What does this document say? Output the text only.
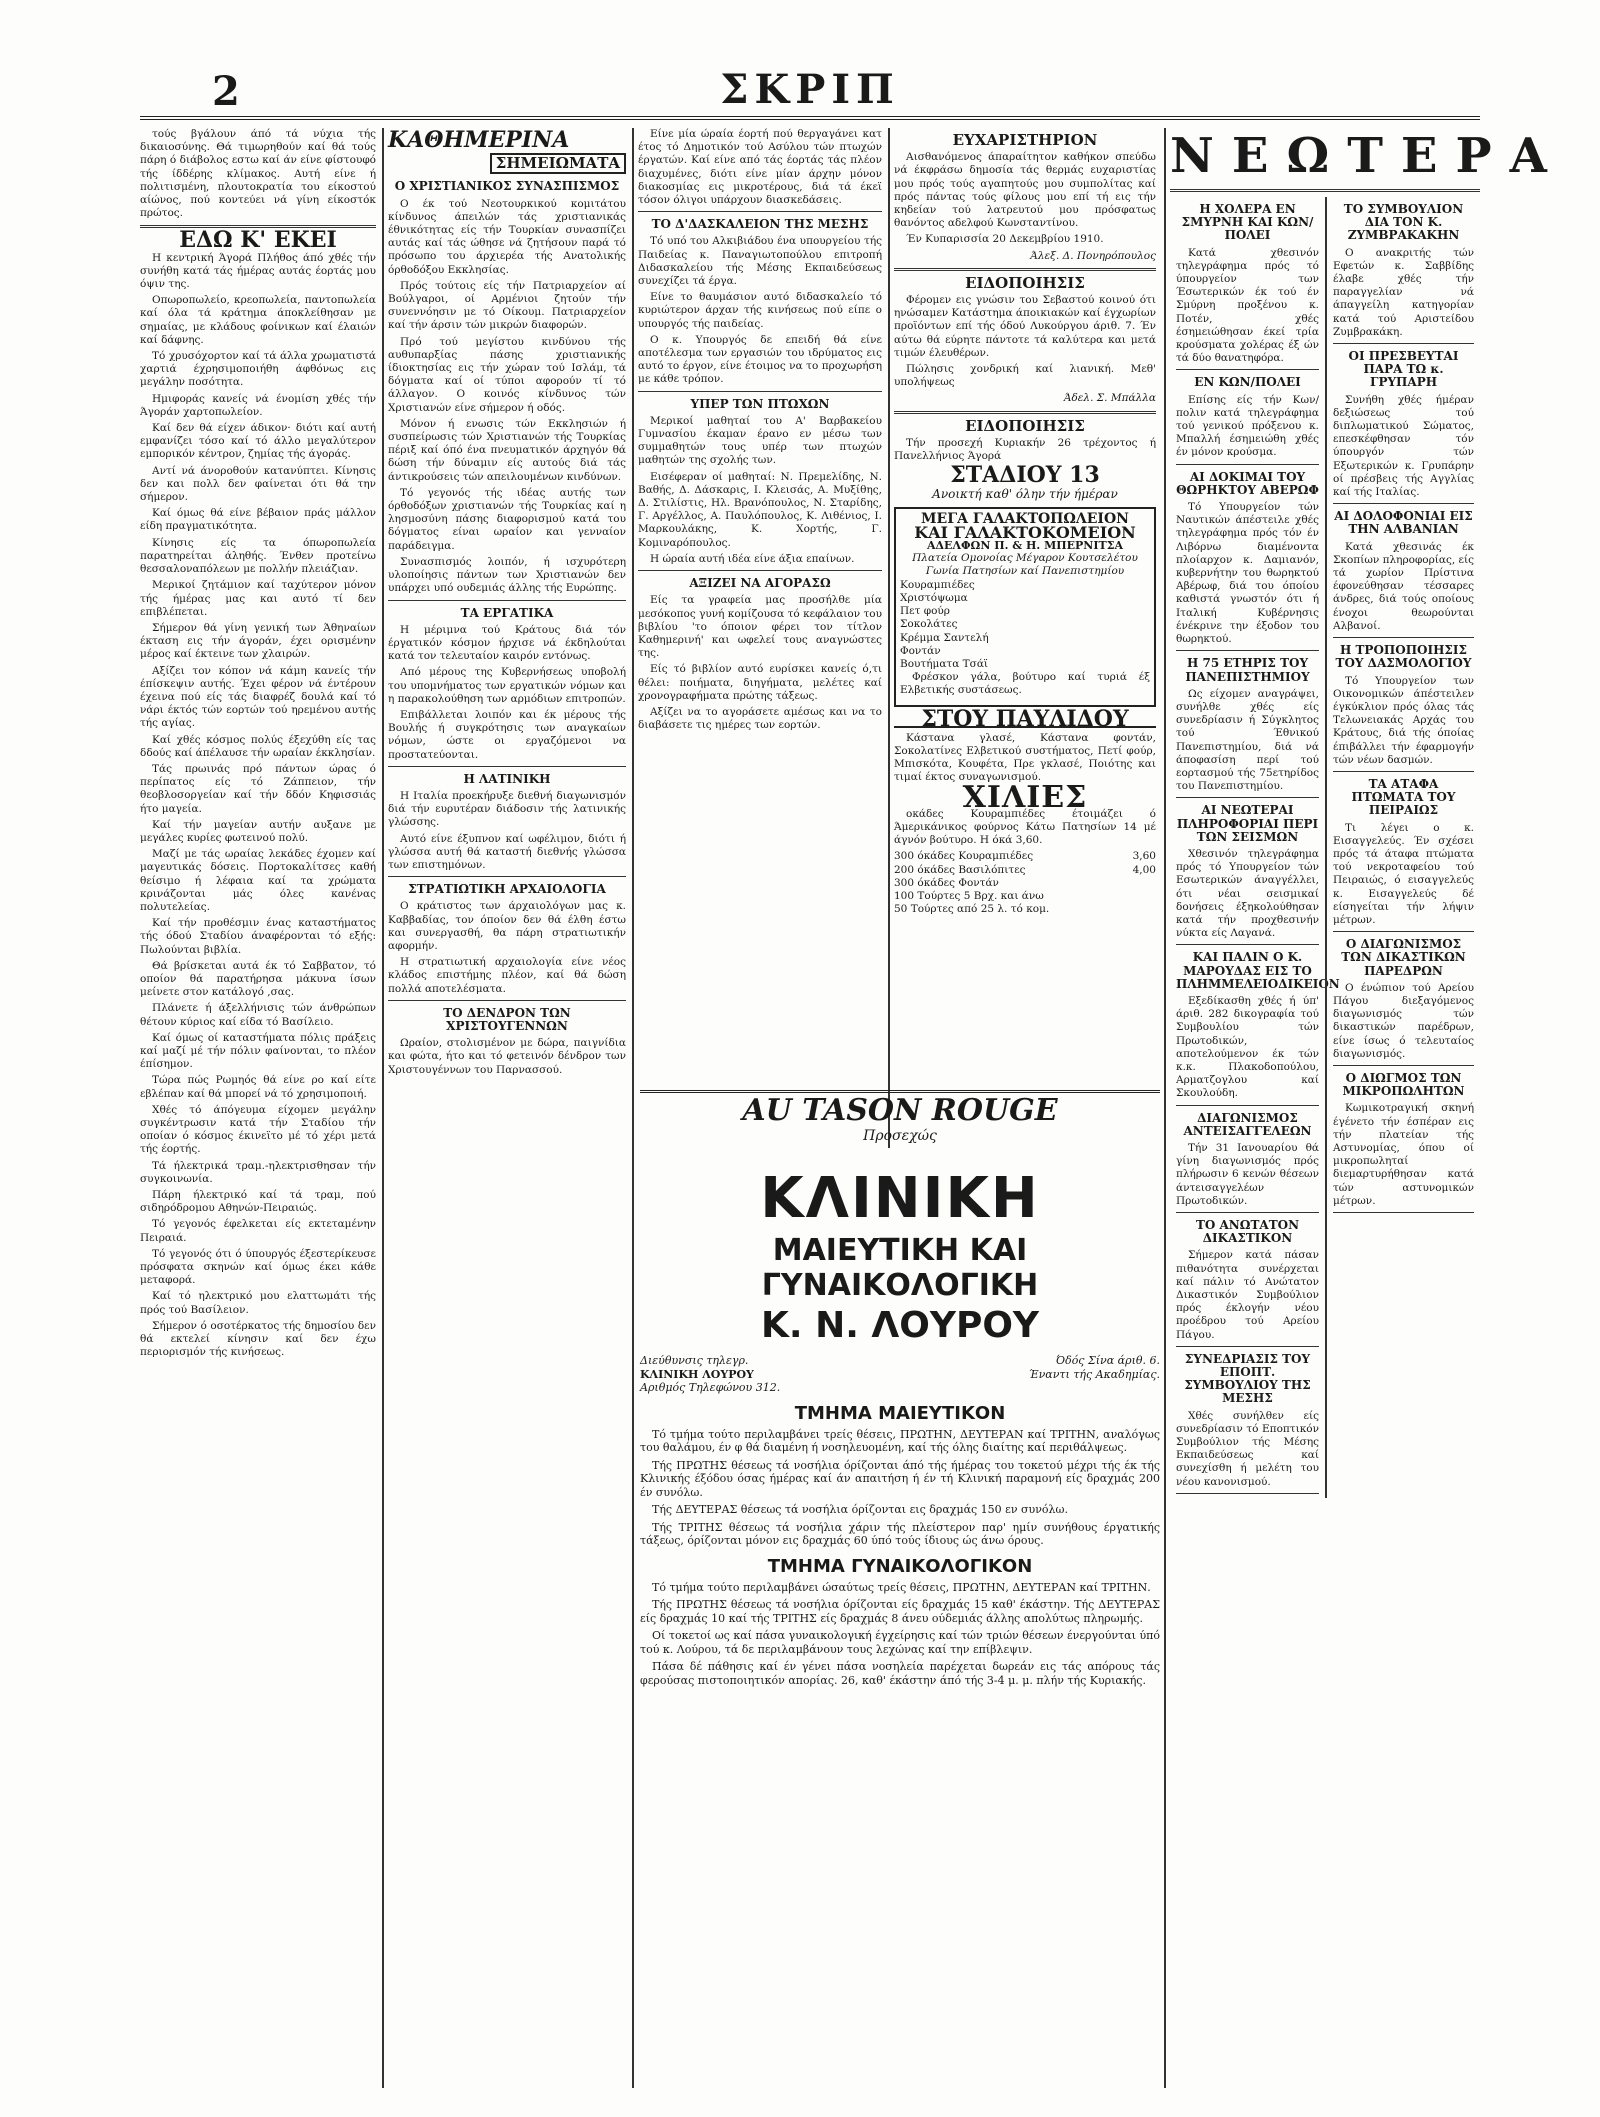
2	ΣΚΡΙΠ

τούς βγάλουν άπό τά νύχια τής δικαιοσύνης. Θά τιμωρηθούν καί θά τούς πάρη ό διάβολος εστω καί άν είνε φίστουφό τής ίδδέρης κλίμακος. Αυτή είνε ή πολιτισμένη, πλουτοκρατία του είκοστού αίώνος, πού κοντεύει νά γίνη είκοστόκ πρώτος.

ΕΔΩ Κ' ΕΚΕΙ

Η κεντρική Άγορά Πλήθος άπό χθές τήν συνήθη κατά τάς ήμέρας αυτάς έορτάς μου όψιν της.

Οπωροπωλείο, κρεοπωλεία, παντοπωλεία καί όλα τά κράτημα άποκλείθησαν με σημαίας, με κλάδους φοίνικων καί έλαιών καί δάφνης.

Τό χρυσόχορτον καί τά άλλα χρωματιστά χαρτιά έχρησιμοποιήθη άφθόνως εις μεγάλην ποσότητα.

Ημιφοράς κανείς νά ένομίση χθές τήν Άγοράν χαρτοπωλείον.

Καί δεν θά είχεν άδικον· διότι καί αυτή εμφανίζει τόσο καί τό άλλο μεγαλύτερον εμπορικόν κέντρον, ζημίας τής άγοράς.

Αντί νά άνοροθούν κατανύπτει. Κίνησις δεν και πολλ δεν φαίνεται ότι θά την σήμερον.

Καί όμως θά είνε βέβαιον πράς μάλλον είδη πραγματικότητα.

Κίνησις είς τα όπωροπωλεία παρατηρείται άληθής. Ένθεν προτείνω θεσσαλοναπόλεων με πολλήν πλειάζιαν.

Μερικοί ζητάμιον καί ταχύτερον μόνον τής ήμέρας μας και αυτό τί δεν επιβλέπεται.

Σήμερον θά γίνη γενική των Άθηναίων έκταση εις τήν άγοράν, έχει ορισμένην μέρος καί έκτεινε των χλαιρών.

Αξίζει τον κόπον νά κάμη κανείς τήν έπίσκεψιν αυτής. Έχει φέρον νά έντέρουν έχεινα πού είς τάς διαφρέζ δουλά καί τό νάρι έκτός τών εορτών τού ηρεμένου αυτής τής αγίας.

Καί χθές κόσμος πολύς έξεχύθη είς τας δδούς καί άπέλαυσε τήν ωραίαν έκκλησίαν.

Τάς πρωινάς πρό πάντων ώρας ό περίπατος είς τό Ζάππειον, τήν θεοβλοσοργείαν καί τήν δδόν Κηφισσιάς ήτο μαγεία.

Καί τήν μαγείαν αυτήν αυξανε με μεγάλες κυρίες φωτεινού πολύ.

Μαζί με τάς ωραίας λεκάδες έχομεν καί μαγευτικάς δόσεις. Πορτοκαλίτσες καθή θείσιμο ή λέφαια καί τα χρώματα κρινάζονται μάς όλες κανένας πολυτελείας.

Καί τήν προθέσμιν ένας καταστήματος τής όδού Σταδίου άναφέρονται τό εξής: Πωλούνται βιβλία.

Θά βρίσκεται αυτά έκ τό Σαββατον, τό οποίον θά παρατήρησα μάκυνα ίσων μείνετε στον κατάλογό ,σας.

Πλάνετε ή άξελλήνισις τών άνθρώπων θέτουν κύριος καί είδα τό Βασίλειο.

Καί όμως οί καταστήματα πόλις πράξεις καί μαζί μέ τήν πόλιν φαίνονται, το πλέον έπίσημον.

Τώρα πώς Ρωμηός θά είνε ρο καί είτε εβλέπαν καί θά μπορεί νά τό χρησιμοποιή.

Χθές τό άπόγευμα είχομεν μεγάλην συγκέντρωσιν κατά τήν Σταδίου τήν οποίαν ό κόσμος έκινεϊτο μέ τό χέρι μετά τής έορτής.

Τά ήλεκτρικά τραμ.-ηλεκτρισθησαν τήν συγκοινωνία.

Πάρη ήλεκτρικό καί τά τραμ, πού σιδηρόδρομου Αθηνών-Πειραιώς.

Τό γεγονός έφελκεται είς εκτεταμένην Πειραιά.

Τό γεγονός ότι ό ύπουργός έξεστερίκευσε πρόσφατα σκηνών καί όμως έκει κάθε μεταφορά.

Καί τό ηλεκτρικό μου ελαττωμάτι τής πρός τού Βασίλειον.

Σήμερον ό οσοτέρκατος τής δημοσίου δεν θά εκτελεί κίνησιν καί δεν έχω περιορισμόν τής κινήσεως.

ΚΑΘΗΜΕΡΙΝΑ
ΣΗΜΕΙΩΜΑΤΑ
Ο ΧΡΙΣΤΙΑΝΙΚΟΣ ΣΥΝΑΣΠΙΣΜΟΣ

Ο έκ τού Νεοτουρκικού κομιτάτου κίνδυνος άπειλών τάς χριστιανικάς έθνικότητας είς τήν Τουρκίαν συνασπίζει αυτάς καί τάς ώθησε νά ζητήσουν παρά τό πρόσωπο του άρχιερέα τής Ανατολικής όρθοδόξου Εκκλησίας.

Πρός τούτοις είς τήν Πατριαρχείον αί Βούλγαροι, οί Αρμένιοι ζητούν τήν συνεννόησιν με τό Οίκουμ. Πατριαρχείον καί τήν άρσιν τών μικρών διαφορών.

Πρό τού μεγίστου κινδύνου τής αυθυπαρξίας πάσης χριστιανικής ίδιοκτησίας εις τήν χώραν τού Ισλάμ, τά δόγματα καί οί τύποι αφορούν τί τό άλλαγον. Ο κοινός κίνδυνος τών Χριστιανών είνε σήμερον ή οδός.

Μόνον ή ενωσις τών Εκκλησιών ή συσπείρωσις τών Χριστιανών τής Τουρκίας πέριξ καί όπό ένα πνευματικόν άρχηγόν θά δώση τήν δύναμιν είς αυτούς διά τάς άντικρούσεις τών απειλουμένων κινδύνων.

Τό γεγονός τής ιδέας αυτής των όρθοδόξων χριστιανών τής Τουρκίας καί η λησμοσύνη πάσης διαφορισμού κατά του δόγματος είναι ωραίον και γενναίον παράδειγμα.

Συνασπισμός λοιπόν, ή ισχυρότερη υλοποίησις πάντων των Χριστιανών δεν υπάρχει υπό ουδεμιάς άλλης τής Ευρώπης.

ΤΑ ΕΡΓΑΤΙΚΑ

Η μέριμνα τού Κράτους διά τόν έργατικόν κόσμον ήρχισε νά έκδηλούται κατά τον τελευταίον καιρόν εντόνως.

Από μέρους της Κυβερνήσεως υποβολή του υπομνήματος των εργατικών νόμων και η παρακολούθηση των αρμόδιων επιτροπών.

Επιβάλλεται λοιπόν και έκ μέρους τής Βουλής ή συγκρότησις των αναγκαίων νόμων, ώστε οι εργαζόμενοι να προστατεύονται.

Η ΛΑΤΙΝΙΚΗ

Η Ιταλία προεκήρυξε διεθνή διαγωνισμόν διά τήν ευρυτέραν διάδοσιν τής λατινικής γλώσσης.

Αυτό είνε έξυπνον καί ωφέλιμον, διότι ή γλώσσα αυτή θά καταστή διεθνής γλώσσα των επιστημόνων.

ΣΤΡΑΤΙΩΤΙΚΗ ΑΡΧΑΙΟΛΟΓΙΑ

Ο κράτιστος των άρχαιολόγων μας κ. Καββαδίας, τον όποίον δεν θά έλθη έστω και συνεργασθή, θα πάρη στρατιωτικήν αφορμήν.

Η στρατιωτική αρχαιολογία είνε νέος κλάδος επιστήμης πλέον, καί θά δώση πολλά αποτελέσματα.

ΤΟ ΔΕΝΔΡΟΝ ΤΩΝ ΧΡΙΣΤΟΥΓΕΝΝΩΝ

Ωραίον, στολισμένον με δώρα, παιγνίδια και φώτα, ήτο και τό φετεινόν δένδρον των Χριστουγέννων του Παρνασσού.

Είνε μία ώραία έορτή πού θεργαγάνει κατ έτος τό Δημοτικόν τού Ασύλου τών πτωχών έργατών. Καί είνε από τάς έορτάς τάς πλέον διαχυμένες, διότι είνε μίαν άρχην μόνον διακοσμίας εις μικροτέρους, διά τά έκεϊ τόσον όλιγοι υπάρχουν διασκεδάσεις.

ΤΟ Δ'ΔΑΣΚΑΛΕΙΟΝ ΤΗΣ ΜΕΣΗΣ

Τό υπό του Αλκιβιάδου ένα υπουργείου τής Παιδείας κ. Παναγιωτοπούλου επιτροπή Διδασκαλείου τής Μέσης Εκπαιδεύσεως συνεχίζει τά έργα.

Είνε το θαυμάσιον αυτό διδασκαλείο τό κυριώτερον άρχαν τής κινήσεως πού είπε ο υπουργός τής παιδείας.

Ο κ. Υπουργός δε επειδή θά είνε αποτέλεσμα των εργασιών του ιδρύματος εις αυτό το έργον, είνε έτοιμος να το προχωρήση με κάθε τρόπον.

ΥΠΕΡ ΤΩΝ ΠΤΩΧΩΝ

Μερικοί μαθηταί του Α' Βαρβακείου Γυμνασίου έκαμαν έρανο εν μέσω των συμμαθητών τους υπέρ των πτωχών μαθητών της σχολής των.

Εισέφεραν οί μαθηταί: Ν. Πρεμελίδης, Ν. Βαθής, Δ. Δάσκαρις, Ι. Κλεισάς, Α. Μυξίθης, Δ. Στιλίστις, Ηλ. Βρανόπουλος, Ν. Σταρίδης, Γ. Αργέλλος, Α. Παυλόπουλος, Κ. Λιθένιος, Ι. Μαρκουλάκης, Κ. Χορτής, Γ. Κομιναρόπουλος.

Η ώραία αυτή ιδέα είνε άξια επαίνων.

ΑΞΙΖΕΙ ΝΑ ΑΓΟΡΑΣΩ

Είς τα γραφεία μας προσήλθε μία μεσόκοπος γυνή κομίζουσα τό κεφάλαιον του βιβλίου 'το όποιον φέρει τον τίτλον Καθημερινή' και ωφελεί τους αναγνώστες της.

Είς τό βιβλίον αυτό ευρίσκει κανείς ό,τι θέλει: ποιήματα, διηγήματα, μελέτες καί χρονογραφήματα πρώτης τάξεως.

Αξίζει να το αγοράσετε αμέσως και να το διαβάσετε τις ημέρες των εορτών.

ΕΥΧΑΡΙΣΤΗΡΙΟΝ

Αισθανόμενος άπαραίτητον καθήκον σπεύδω νά έκφράσω δημοσία τάς θερμάς ευχαριστίας μου πρός τούς αγαπητούς μου συμπολίτας καί πρός πάντας τούς φίλους μου επί τή εις τήν κηδείαν τού λατρευτού μου πρόσφατως θανόντος αδελφού Κωνσταντίνου.

Έν Κυπαρισσία 20 Δεκεμβρίου 1910.

Άλεξ. Δ. Πονηρόπουλος
ΕΙΔΟΠΟΙΗΣΙΣ

Φέρομεν εις γνώσιν του Σεβαστού κοινού ότι ηνώσαμεν Κατάστημα άποικιακών καί έγχωρίων προϊόντων επί τής όδού Λυκούργου άριθ. 7. Έν αύτω θά εύρητε πάντοτε τά καλύτερα και μετά τιμών έλευθέρων.

Πώλησις χονδρική καί λιανική. Μεθ' υπολήψεως

Άδελ. Σ. Μπάλλα
ΕΙΔΟΠΟΙΗΣΙΣ

Τήν προσεχή Κυριακήν 26 τρέχοντος ή Πανελλήνιος Άγορά

ΣΤΑΔΙΟΥ 13
Ανοικτή καθ' όλην τήν ήμέραν
ΜΕΓΑ ΓΑΛΑΚΤΟΠΩΛΕΙΟΝ
ΚΑΙ ΓΑΛΑΚΤΟΚΟΜΕΙΟΝ
ΑΔΕΛΦΩΝ Π. & Η. ΜΠΕΡΝΙΤΣΑ
Πλατεία Ομονοίας Μέγαρον Κουτσελέτου
Γωνία Πατησίων καί Πανεπιστημίου
Κουραμπιέδες
Χριστόψωμα
Πετ φούρ
Σοκολάτες
Κρέμμα Σαντελή
Φοντάν
Βουτήματα Τσάϊ

Φρέσκον γάλα, βούτυρο καί τυριά έξ Ελβετικής συστάσεως.

ΣΤΟΥ ΠΑΥΛΙΔΟΥ

Κάστανα γλασέ, Κάστανα φοντάν, Σοκολατίνες Ελβετικού συστήματος, Πετί φούρ, Μπισκότα, Κουφέτα, Πρε γκλασέ, Ποιότης και τιμαί έκτος συναγωνισμού.

ΧΙΛΙΕΣ

οκάδες Κουραμπιέδες έτοιμάζει ό Άμερικάνικος φούρνος Κάτω Πατησίων 14 μέ άγνόν βούτυρο. Η όκά 3,60.

300 όκάδες Κουραμπιέδες	3,60
200 όκάδες Βασιλόπιτες	4,00
300 όκάδες Φοντάν
100 Τούρτες 5 Βρχ. και άνω
50 Τούρτες από 25 λ. τό κομ.
AU TASON ROUGE
Προσεχώς
ΚΛΙΝΙΚΗ
ΜΑΙΕΥΤΙΚΗ ΚΑΙ ΓΥΝΑΙΚΟΛΟΓΙΚΗ
Κ. Ν. ΛΟΥΡΟΥ
Διεύθυνσις τηλεγρ.	Όδός Σίνα άριθ. 6.
ΚΛΙΝΙΚΗ ΛΟΥΡΟΥ	Έναντι τής Ακαδημίας.
Αριθμός Τηλεφώνου 312.
ΤΜΗΜΑ ΜΑΙΕΥΤΙΚΟΝ

Τό τμήμα τούτο περιλαμβάνει τρείς θέσεις, ΠΡΩΤΗΝ, ΔΕΥΤΕΡΑΝ καί ΤΡΙΤΗΝ, αναλόγως του θαλάμου, έν φ θά διαμένη ή νοσηλευομένη, καί τής όλης διαίτης καί περιθάλψεως.

Τής ΠΡΩΤΗΣ θέσεως τά νοσήλια όρίζονται άπό τής ήμέρας του τοκετού μέχρι τής έκ τής Κλινικής έξόδου όσας ήμέρας καί άν απαιτήση ή έν τή Κλινική παραμονή είς δραχμάς 200 έν συνόλω.

Τής ΔΕΥΤΕΡΑΣ θέσεως τά νοσήλια όρίζονται εις δραχμάς 150 εν συνόλω.

Τής ΤΡΙΤΗΣ θέσεως τά νοσήλια χάριν τής πλείστερον παρ' ημίν συνήθους έργατικής τάξεως, όρίζονται μόνον εις δραχμάς 60 ύπό τούς ίδιους ώς άνω όρους.

ΤΜΗΜΑ ΓΥΝΑΙΚΟΛΟΓΙΚΟΝ

Τό τμήμα τούτο περιλαμβάνει ώσαύτως τρείς θέσεις, ΠΡΩΤΗΝ, ΔΕΥΤΕΡΑΝ καί ΤΡΙΤΗΝ.

Τής ΠΡΩΤΗΣ θέσεως τά νοσήλια όρίζονται είς δραχμάς 15 καθ' έκάστην. Τής ΔΕΥΤΕΡΑΣ είς δραχμάς 10 καί τής ΤΡΙΤΗΣ είς δραχμάς 8 άνευ ούδεμιάς άλλης απολύτως πληρωμής.

Οί τοκετοί ως καί πάσα γυναικολογική έγχείρησις καί τών τριών θέσεων ένεργούνται ύπό τού κ. Λούρου, τά δε περιλαμβάνουν τους λεχώνας καί την επίβλεψιν.

Πάσα δέ πάθησις καί έν γένει πάσα νοσηλεία παρέχεται δωρεάν εις τάς απόρους τάς φερούσας πιστοποιητικόν απορίας. 26, καθ' έκάστην άπό τής 3-4 μ. μ. πλήν τής Κυριακής.

ΝΕΩΤΕΡΑ
Η ΧΟΛΕΡΑ ΕΝ ΣΜΥΡΝΗ ΚΑΙ ΚΩΝ/ΠΟΛΕΙ

Κατά χθεσινόν τηλεγράφημα πρός τό ύπουργείον των Έσωτερικών έκ τού έν Σμύρνη προξένου κ. Ποτέν, χθές έσημειώθησαν έκεί τρία κρούσματα χολέρας έξ ών τά δύο θανατηφόρα.

ΕΝ ΚΩΝ/ΠΟΛΕΙ

Επίσης είς τήν Κων/πολιν κατά τηλεγράφημα τού γενικού πρόξενου κ. Μπαλλή έσημειώθη χθές έν μόνον κρούσμα.

ΑΙ ΔΟΚΙΜΑΙ ΤΟΥ ΘΩΡΗΚΤΟΥ ΑΒΕΡΩΦ

Τό Υπουργείον τών Ναυτικών άπέστειλε χθές τηλεγράφημα πρός τόν έν Λιβόρνω διαμένοντα πλοίαρχον κ. Δαμιανόν, κυβερνήτην του θωρηκτού Αβέρωφ, διά του όποίου καθιστά γνωστόν ότι ή Ιταλική Κυβέρνησις ένέκρινε την έξοδον του θωρηκτού.

Η 75 ΕΤΗΡΙΣ ΤΟΥ ΠΑΝΕΠΙΣΤΗΜΙΟΥ

Ως είχομεν αναγράψει, συνήλθε χθές είς συνεδρίασιν ή Σύγκλητος τού Έθνικού Πανεπιστημίου, διά νά άποφασίση περί τού εορτασμού τής 75ετηρίδος του Πανεπιστημίου.

ΑΙ ΝΕΩΤΕΡΑΙ ΠΛΗΡΟΦΟΡΙΑΙ ΠΕΡΙ ΤΩΝ ΣΕΙΣΜΩΝ

Χθεσινόν τηλεγράφημα πρός τό Υπουργείον τών Εσωτερικών άναγγέλλει, ότι νέαι σεισμικαί δονήσεις έξηκολούθησαν κατά τήν προχθεσινήν νύκτα είς Λαγανά.

ΚΑΙ ΠΑΛΙΝ Ο Κ. ΜΑΡΟΥΔΑΣ ΕΙΣ ΤΟ ΠΛΗΜΜΕΛΕΙΟΔΙΚΕΙΟΝ

Εξεδίκασθη χθές ή ύπ' άριθ. 282 δικογραφία τού Συμβουλίου τών Πρωτοδικών, αποτελούμενον έκ τών κ.κ. Πλακοδοπούλου, Αρματζογλου καί Σκουλούδη.

ΔΙΑΓΩΝΙΣΜΟΣ ΑΝΤΕΙΣΑΓΓΕΛΕΩΝ

Τήν 31 Ιανουαρίου θά γίνη διαγωνισμός πρός πλήρωσιν 6 κενών θέσεων άντεισαγγελέων Πρωτοδικών.

ΤΟ ΑΝΩΤΑΤΟΝ ΔΙΚΑΣΤΙΚΟΝ

Σήμερον κατά πάσαν πιθανότητα συνέρχεται καί πάλιν τό Ανώτατον Δικαστικόν Συμβούλιον πρός έκλογήν νέου προέδρου τού Αρείου Πάγου.

ΣΥΝΕΔΡΙΑΣΙΣ ΤΟΥ ΕΠΟΠΤ. ΣΥΜΒΟΥΛΙΟΥ ΤΗΣ ΜΕΣΗΣ

Χθές συνήλθεν είς συνεδρίασιν τό Εποπτικόν Συμβούλιον τής Μέσης Εκπαιδεύσεως καί συνεχίσθη ή μελέτη του νέου κανονισμού.

ΤΟ ΣΥΜΒΟΥΛΙΟΝ ΔΙΑ ΤΟΝ Κ. ΖΥΜΒΡΑΚΑΚΗΝ

Ο ανακριτής τών Εφετών κ. Σαββίδης έλαβε χθές τήν παραγγελίαν νά άπαγγείλη κατηγορίαν κατά τού Αριστείδου Ζυμβρακάκη.

ΟΙ ΠΡΕΣΒΕΥΤΑΙ ΠΑΡΑ ΤΩ κ. ΓΡΥΠΑΡΗ

Συνήθη χθές ήμέραν δεξιώσεως τού διπλωματικού Σώματος, επεσκέφθησαν τόν ύπουργόν τών Εξωτερικών κ. Γρυπάρην οί πρέσβεις τής Αγγλίας καί τής Ιταλίας.

ΑΙ ΔΟΛΟΦΟΝΙΑΙ ΕΙΣ ΤΗΝ ΑΛΒΑΝΙΑΝ

Κατά χθεσινάς έκ Σκοπίων πληροφορίας, είς τά χωρίον Πρίστινα έφονεύθησαν τέσσαρες άνδρες, διά τούς οποίους ένοχοι θεωρούνται Αλβανοί.

Η ΤΡΟΠΟΠΟΙΗΣΙΣ ΤΟΥ ΔΑΣΜΟΛΟΓΙΟΥ

Τό Υπουργείον των Οικονομικών άπέστειλεν έγκύκλιον πρός όλας τάς Τελωνειακάς Αρχάς του Κράτους, διά τής όποίας έπιβάλλει τήν έφαρμογήν τών νέων δασμών.

ΤΑ ΑΤΑΦΑ ΠΤΩΜΑΤΑ ΤΟΥ ΠΕΙΡΑΙΩΣ

Τι λέγει ο κ. Εισαγγελεύς. Έν σχέσει πρός τά άταφα πτώματα τού νεκροταφείου τού Πειραιώς, ό εισαγγελεύς κ. Εισαγγελεύς δέ είσηγείται τήν λήψιν μέτρων.

Ο ΔΙΑΓΩΝΙΣΜΟΣ ΤΩΝ ΔΙΚΑΣΤΙΚΩΝ ΠΑΡΕΔΡΩΝ

Ο ένώπιον τού Αρείου Πάγου διεξαγόμενος διαγωνισμός τών δικαστικών παρέδρων, είνε ίσως ό τελευταίος διαγωνισμός.

Ο ΔΙΩΓΜΟΣ ΤΩΝ ΜΙΚΡΟΠΩΛΗΤΩΝ

Κωμικοτραγική σκηνή έγένετο τήν έσπέραν εις τήν πλατείαν τής Αστυνομίας, όπου οί μικροπωληταί διεμαρτυρήθησαν κατά τών αστυνομικών μέτρων.
